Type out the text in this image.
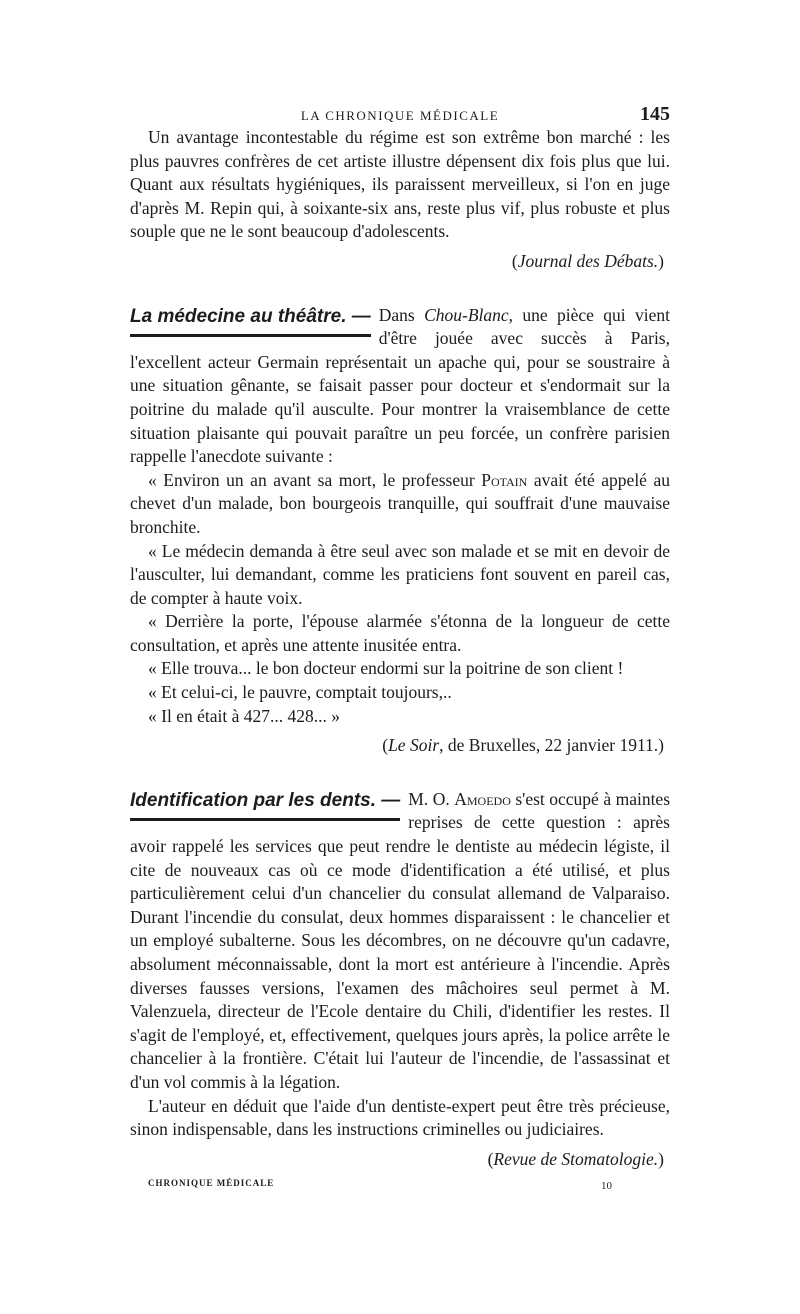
LA CHRONIQUE MÉDICALE	145

Un avantage incontestable du régime est son extrême bon marché : les plus pauvres confrères de cet artiste illustre dépensent dix fois plus que lui. Quant aux résultats hygiéniques, ils paraissent merveilleux, si l'on en juge d'après M. Repin qui, à soixante-six ans, reste plus vif, plus robuste et plus souple que ne le sont beaucoup d'adolescents.

(Journal des Débats.)

La médecine au théâtre. — Dans Chou-Blanc, une pièce qui vient d'être jouée avec succès à Paris, l'excellent acteur Germain représentait un apache qui, pour se soustraire à une situation gênante, se faisait passer pour docteur et s'endormait sur la poitrine du malade qu'il ausculte. Pour montrer la vraisemblance de cette situation plaisante qui pouvait paraître un peu forcée, un confrère parisien rappelle l'anecdote suivante :

« Environ un an avant sa mort, le professeur Potain avait été appelé au chevet d'un malade, bon bourgeois tranquille, qui souffrait d'une mauvaise bronchite.

« Le médecin demanda à être seul avec son malade et se mit en devoir de l'ausculter, lui demandant, comme les praticiens font souvent en pareil cas, de compter à haute voix.

« Derrière la porte, l'épouse alarmée s'étonna de la longueur de cette consultation, et après une attente inusitée entra.

« Elle trouva... le bon docteur endormi sur la poitrine de son client !

« Et celui-ci, le pauvre, comptait toujours,..

« Il en était à 427... 428... »

(Le Soir, de Bruxelles, 22 janvier 1911.)

Identification par les dents. — M. O. Amoedo s'est occupé à maintes reprises de cette question : après avoir rappelé les services que peut rendre le dentiste au médecin légiste, il cite de nouveaux cas où ce mode d'identification a été utilisé, et plus particulièrement celui d'un chancelier du consulat allemand de Valparaiso. Durant l'incendie du consulat, deux hommes disparaissent : le chancelier et un employé subalterne. Sous les décombres, on ne découvre qu'un cadavre, absolument méconnaissable, dont la mort est antérieure à l'incendie. Après diverses fausses versions, l'examen des mâchoires seul permet à M. Valenzuela, directeur de l'Ecole dentaire du Chili, d'identifier les restes. Il s'agit de l'employé, et, effectivement, quelques jours après, la police arrête le chancelier à la frontière. C'était lui l'auteur de l'incendie, de l'assassinat et d'un vol commis à la légation.

L'auteur en déduit que l'aide d'un dentiste-expert peut être très précieuse, sinon indispensable, dans les instructions criminelles ou judiciaires.

(Revue de Stomatologie.)

CHRONIQUE MÉDICALE	10
